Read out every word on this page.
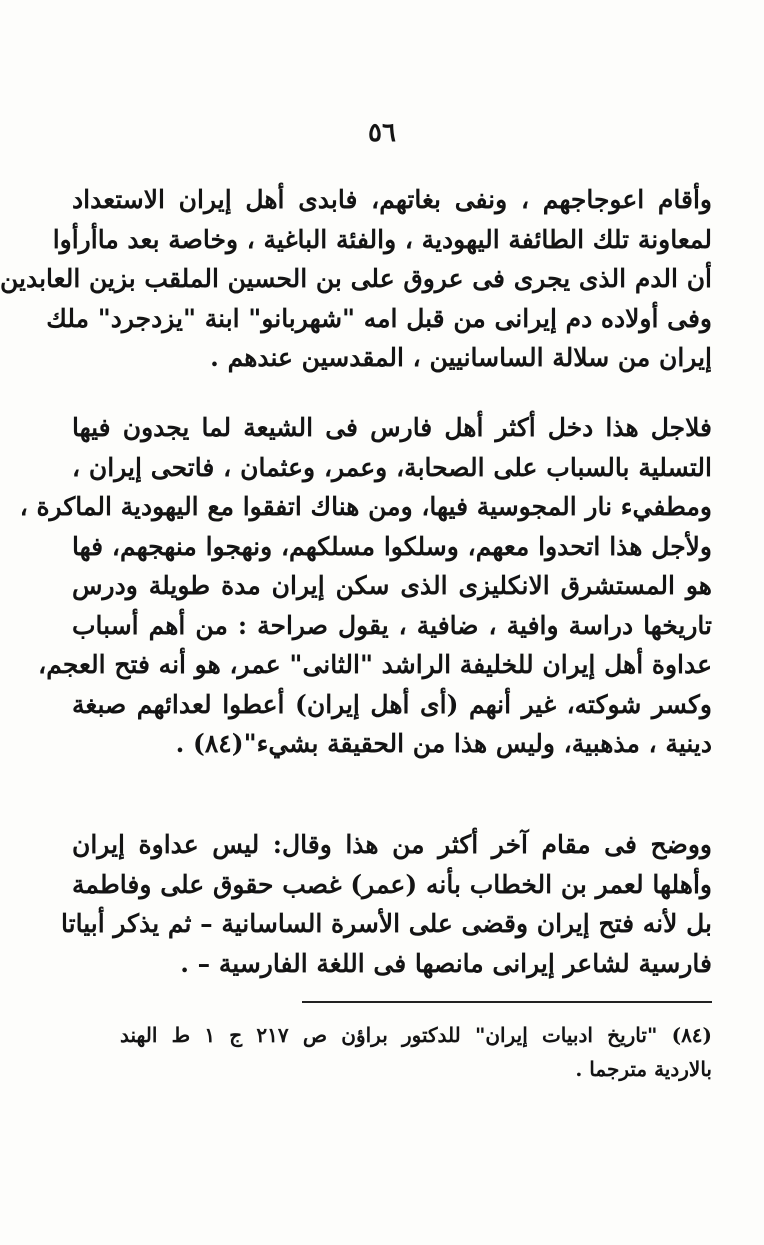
٥٦
وأقام اعوجاجهم ، ونفى بغاتهم، فابدى أهل إيران الاستعداد
لمعاونة تلك الطائفة اليهودية ، والفئة الباغية ، وخاصة بعد ماأرأوا
أن الدم الذى يجرى فى عروق على بن الحسين الملقب بزين العابدين
وفى أولاده دم إيرانى من قبل امه "شهربانو" ابنة "يزدجرد" ملك
إيران من سلالة الساسانيين ، المقدسين عندهم .
فلاجل هذا دخل أكثر أهل فارس فى الشيعة لما يجدون فيها
التسلية بالسباب على الصحابة، وعمر، وعثمان ، فاتحى إيران ،
ومطفيء نار المجوسية فيها، ومن هناك اتفقوا مع اليهودية الماكرة ،
ولأجل هذا اتحدوا معهم، وسلكوا مسلكهم، ونهجوا منهجهم، فها
هو المستشرق الانكليزى الذى سكن إيران مدة طويلة ودرس
تاريخها دراسة وافية ، ضافية ، يقول صراحة : من أهم أسباب
عداوة أهل إيران للخليفة الراشد "الثانى" عمر، هو أنه فتح العجم،
وكسر شوكته، غير أنهم (أى أهل إيران) أعطوا لعدائهم صبغة
دينية ، مذهبية، وليس هذا من الحقيقة بشيء"(٨٤) .
ووضح فى مقام آخر أكثر من هذا وقال: ليس عداوة إيران
وأهلها لعمر بن الخطاب بأنه (عمر) غصب حقوق على وفاطمة
بل لأنه فتح إيران وقضى على الأسرة الساسانية – ثم يذكر أبياتا
فارسية لشاعر إيرانى مانصها فى اللغة الفارسية – .
(٨٤) "تاريخ ادبيات إيران" للدكتور براؤن ص ٢١٧ ج ١ ط الهند
بالاردية مترجما .
